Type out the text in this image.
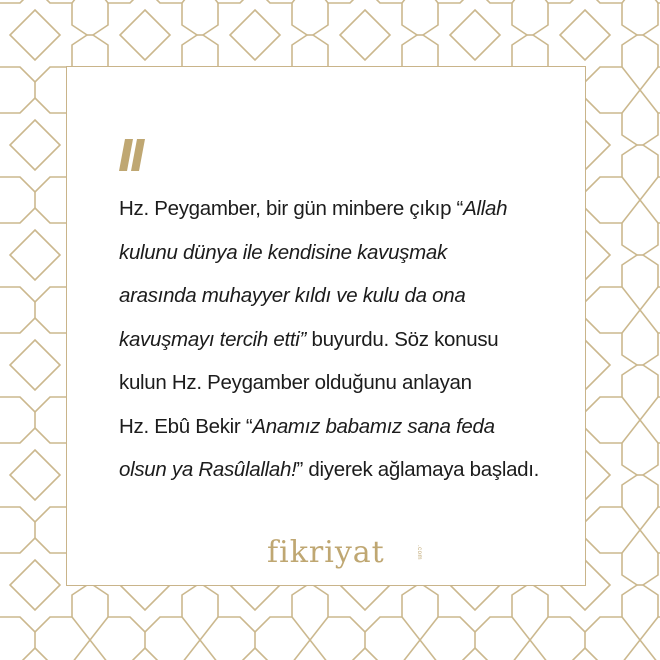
Hz. Peygamber, bir gün minbere çıkıp “Allah
kulunu dünya ile kendisine kavuşmak
arasında muhayyer kıldı ve kulu da ona
kavuşmayı tercih etti” buyurdu. Söz konusu
kulun Hz. Peygamber olduğunu anlayan
Hz. Ebû Bekir “Anamız babamız sana feda
olsun ya Rasûlallah!” diyerek ağlamaya başladı.

fikriyat	.com
